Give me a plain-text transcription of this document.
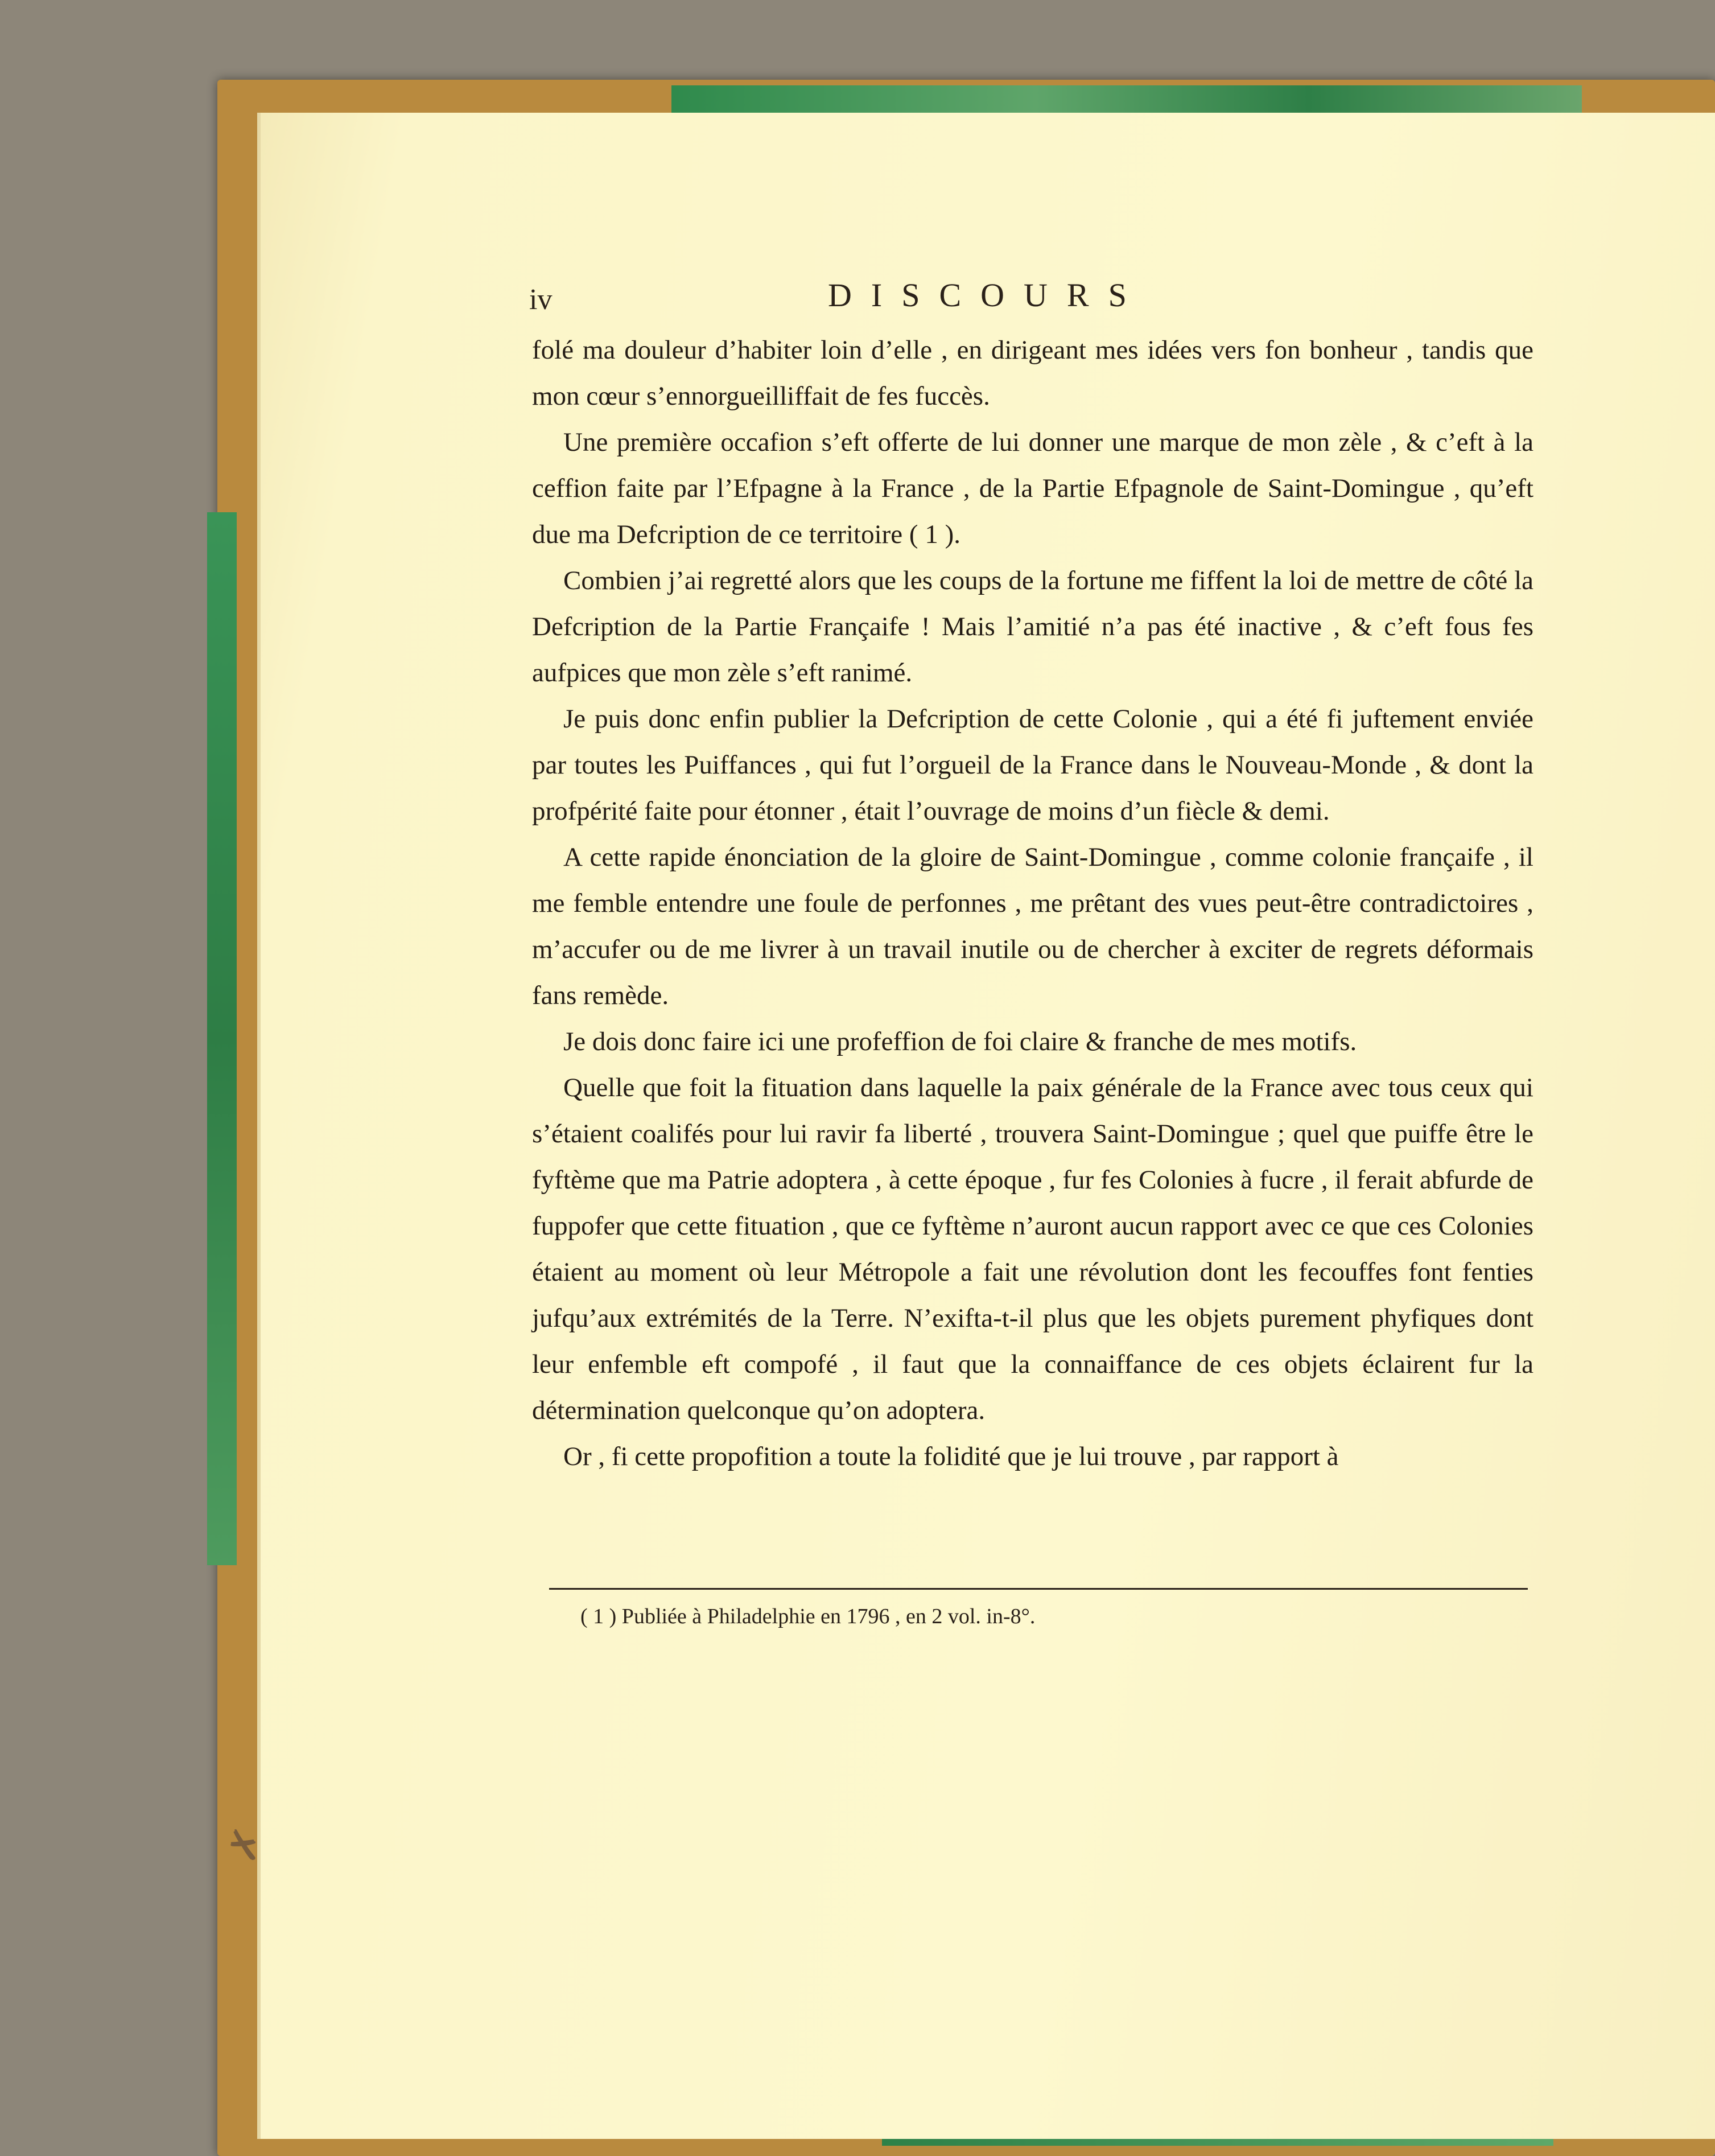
iv	DISCOURS

folé ma douleur d’habiter loin d’elle , en dirigeant mes idées vers fon bonheur , tandis que mon cœur s’ennorgueilliffait de fes fuccès.

Une première occafion s’eft offerte de lui donner une marque de mon zèle , & c’eft à la ceffion faite par l’Efpagne à la France , de la Partie Efpagnole de Saint-Domingue , qu’eft due ma Defcription de ce territoire ( 1 ).

Combien j’ai regretté alors que les coups de la fortune me fiffent la loi de mettre de côté la Defcription de la Partie Françaife ! Mais l’amitié n’a pas été inactive , & c’eft fous fes aufpices que mon zèle s’eft ranimé.

Je puis donc enfin publier la Defcription de cette Colonie , qui a été fi juftement enviée par toutes les Puiffances , qui fut l’orgueil de la France dans le Nouveau-Monde , & dont la profpérité faite pour étonner , était l’ouvrage de moins d’un fiècle & demi.

A cette rapide énonciation de la gloire de Saint-Domingue , comme colonie françaife , il me femble entendre une foule de perfonnes , me prêtant des vues peut-être contradictoires , m’accufer ou de me livrer à un travail inutile ou de chercher à exciter de regrets déformais fans remède.

Je dois donc faire ici une profeffion de foi claire & franche de mes motifs.

Quelle que foit la fituation dans laquelle la paix générale de la France avec tous ceux qui s’étaient coalifés pour lui ravir fa liberté , trouvera Saint-Domingue ; quel que puiffe être le fyftème que ma Patrie adoptera , à cette époque , fur fes Colonies à fucre , il ferait abfurde de fuppofer que cette fituation , que ce fyftème n’auront aucun rapport avec ce que ces Colonies étaient au moment où leur Métropole a fait une révolution dont les fecouffes font fenties jufqu’aux extrémités de la Terre. N’exifta-t-il plus que les objets purement phyfiques dont leur enfemble eft compofé , il faut que la connaiffance de ces objets éclairent fur la détermination quelconque qu’on adoptera.

Or , fi cette propofition a toute la folidité que je lui trouve , par rapport à

( 1 ) Publiée à Philadelphie en 1796 , en 2 vol. in-8°.
✗
